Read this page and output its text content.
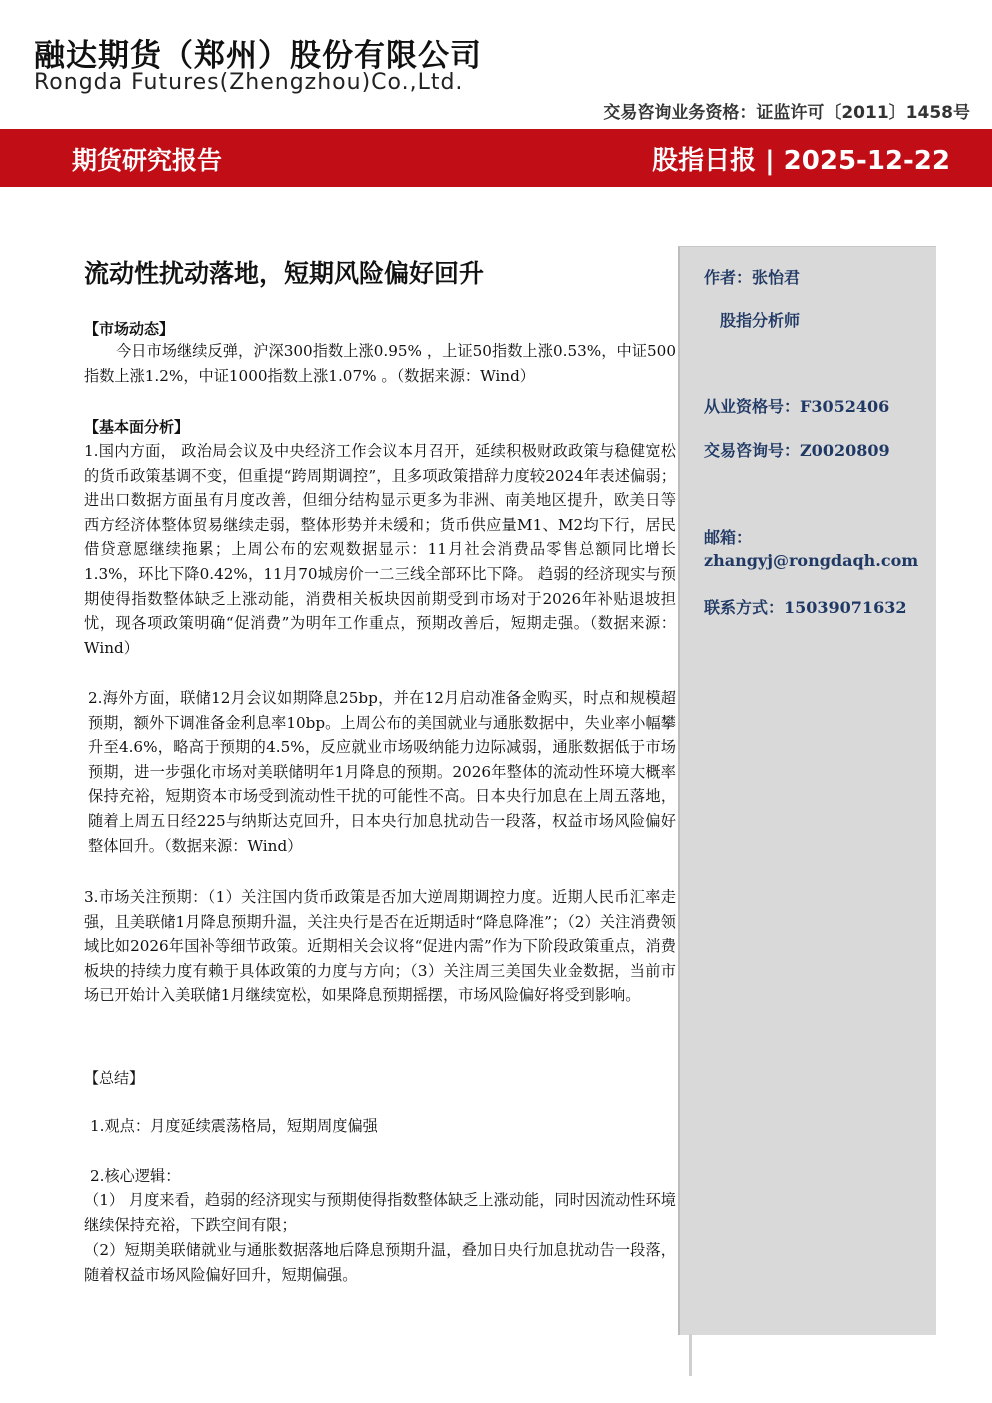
融达期货（郑州）股份有限公司
Rongda Futures(Zhengzhou)Co.,Ltd.
交易咨询业务资格：证监许可〔2011〕1458号
期货研究报告	股指日报 | 2025-12-22
作者：张怡君
股指分析师
从业资格号：F3052406
交易咨询号：Z0020809
邮箱：
zhangyj@rongdaqh.com
联系方式：15039071632
流动性扰动落地，短期风险偏好回升
【市场动态】

今日市场继续反弹，沪深300指数上涨0.95% ，上证50指数上涨0.53%，中证500指数上涨1.2%，中证1000指数上涨1.07% 。（数据来源：Wind）

【基本面分析】

1.国内方面， 政治局会议及中央经济工作会议本月召开，延续积极财政政策与稳健宽松的货币政策基调不变，但重提“跨周期调控”，且多项政策措辞力度较2024年表述偏弱；进出口数据方面虽有月度改善，但细分结构显示更多为非洲、南美地区提升，欧美日等西方经济体整体贸易继续走弱，整体形势并未缓和；货币供应量M1、M2均下行，居民借贷意愿继续拖累；上周公布的宏观数据显示：11月社会消费品零售总额同比增长1.3%，环比下降0.42%，11月70城房价一二三线全部环比下降。 趋弱的经济现实与预期使得指数整体缺乏上涨动能，消费相关板块因前期受到市场对于2026年补贴退坡担忧，现各项政策明确“促消费”为明年工作重点，预期改善后，短期走强。（数据来源：Wind）

2.海外方面，联储12月会议如期降息25bp，并在12月启动准备金购买，时点和规模超预期，额外下调准备金利息率10bp。上周公布的美国就业与通胀数据中，失业率小幅攀升至4.6%，略高于预期的4.5%，反应就业市场吸纳能力边际减弱，通胀数据低于市场预期，进一步强化市场对美联储明年1月降息的预期。2026年整体的流动性环境大概率保持充裕，短期资本市场受到流动性干扰的可能性不高。日本央行加息在上周五落地，随着上周五日经225与纳斯达克回升，日本央行加息扰动告一段落，权益市场风险偏好整体回升。（数据来源：Wind）

3.市场关注预期：（1）关注国内货币政策是否加大逆周期调控力度。近期人民币汇率走强，且美联储1月降息预期升温，关注央行是否在近期适时“降息降准”；（2）关注消费领域比如2026年国补等细节政策。近期相关会议将“促进内需”作为下阶段政策重点，消费板块的持续力度有赖于具体政策的力度与方向；（3）关注周三美国失业金数据，当前市场已开始计入美联储1月继续宽松，如果降息预期摇摆，市场风险偏好将受到影响。

【总结】

1.观点：月度延续震荡格局，短期周度偏强

2.核心逻辑：

（1） 月度来看，趋弱的经济现实与预期使得指数整体缺乏上涨动能，同时因流动性环境继续保持充裕，下跌空间有限；

（2）短期美联储就业与通胀数据落地后降息预期升温，叠加日央行加息扰动告一段落，随着权益市场风险偏好回升，短期偏强。
